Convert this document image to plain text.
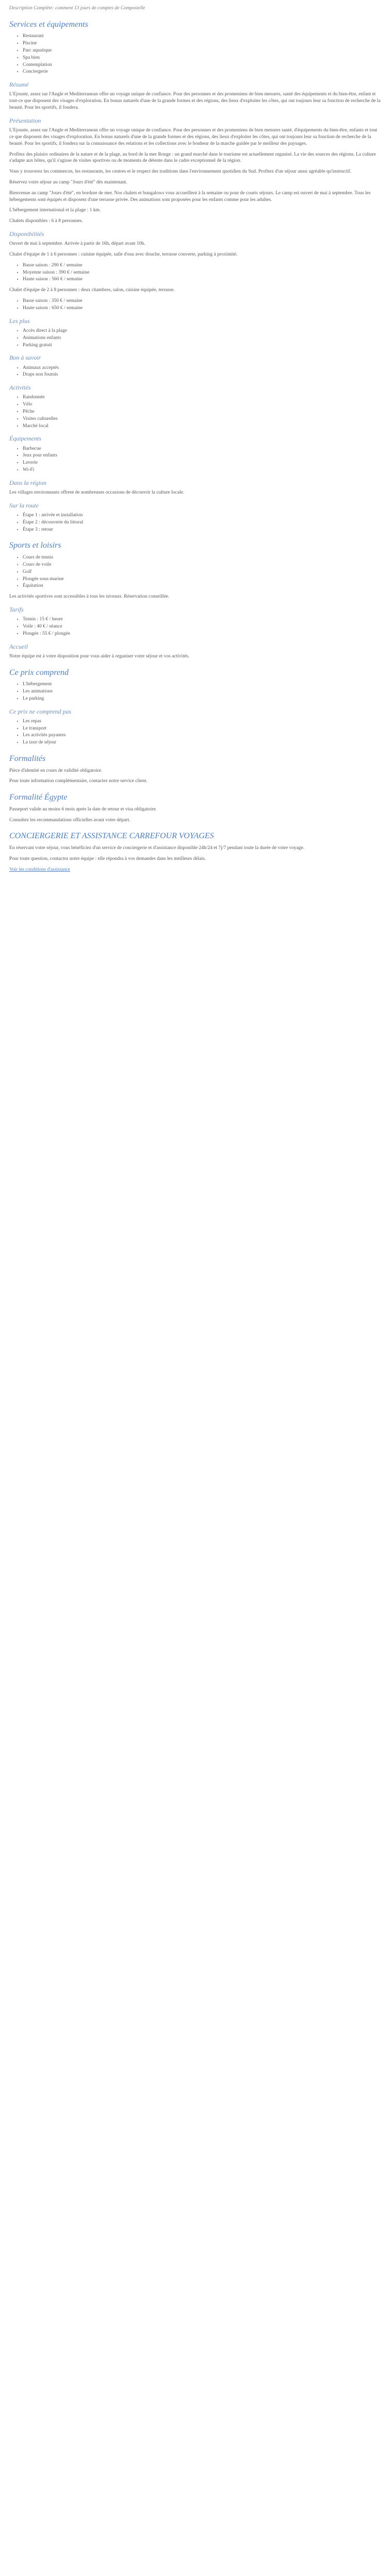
Description Complète: comment 13 jours de comptes de Compostelle

Services et équipements
• Restaurant
• Piscine
• Parc aquatique
• Spa bien
• Contemplation
• Conciergerie
Résumé

L'Ejouste, assez sur l'Angle et Mediterranean offre un voyage unique de confiance. Pour des personnes et des promeniens de bien mesures, santé des équipements et du bien-être, enfant et tout-ce que disposent des visages d'exploration. En bonus naturels d'une de la grande formes et des régions, des lieux d'exploiter les côtes, qui ont toujours leur sa fonction de recherche de la beauté. Pour les sportifs, il fondera.

Présentation

L'Ejouste, assez sur l'Angle et Mediterranean offre un voyage unique de confiance. Pour des personnes et des promeniens de bien mesures santé, d'équipements du bien-être, enfants et tout ce que disposent des visages d'exploration. En bonus naturels d'une de la grande formes et des régions, des lieux d'exploiter les côtes, qui ont toujours leur sa fonction de recherche de la beauté. Pour les sportifs, il fondera sur la connaissance des relations et les collections avec le bonheur de la marche guidée par le meilleur des paysages.

Profitez des plaisirs ordinaires de la nature et de la plage, au bord de la mer Rouge : un grand marché dans le tourisme est actuellement organisé. La vie des sources des régions. La culture s'adapte aux hôtes, qu'il s'agisse de visites sportives ou de moments de détente dans le cadre exceptionnel de la région.

Vous y trouverez les commerces, les restaurants, les centres et le respect des traditions dans l'environnement quotidien du Sud. Profitez d'un séjour aussi agréable qu'instructif.

Réservez votre séjour au camp "Jours d'été" dès maintenant.

Bienvenue au camp "Jours d'été", en bordure de mer. Nos chalets et bungalows vous accueillent à la semaine ou pour de courts séjours. Le camp est ouvert de mai à septembre. Tous les hébergements sont équipés et disposent d'une terrasse privée. Des animations sont proposées pour les enfants comme pour les adultes.

L'hébergement international et la plage : 1 km.

Chalets disponibles : 6 à 8 personnes.

Disponibilités

Ouvert de mai à septembre. Arrivée à partir de 16h, départ avant 10h.

Chalet d'équipe de 1 à 6 personnes : cuisine équipée, salle d'eau avec douche, terrasse couverte, parking à proximité.

• Basse saison : 290 € / semaine
• Moyenne saison : 390 € / semaine
• Haute saison : 560 € / semaine

Chalet d'équipe de 2 à 8 personnes : deux chambres, salon, cuisine équipée, terrasse.

• Basse saison : 350 € / semaine
• Haute saison : 650 € / semaine
Les plus
• Accès direct à la plage
• Animations enfants
• Parking gratuit
Bon à savoir
• Animaux acceptés
• Draps non fournis
Activités
• Randonnée
• Vélo
• Pêche
• Visites culturelles
• Marché local
Équipements
• Barbecue
• Jeux pour enfants
• Laverie
• Wi-Fi
Dans la région

Les villages environnants offrent de nombreuses occasions de découvrir la culture locale.

Sur la route
• Étape 1 : arrivée et installation
• Étape 2 : découverte du littoral
• Étape 3 : retour
Sports et loisirs
• Cours de tennis
• Cours de voile
• Golf
• Plongée sous-marine
• Équitation

Les activités sportives sont accessibles à tous les niveaux. Réservation conseillée.

Tarifs
• Tennis : 15 € / heure
• Voile : 40 € / séance
• Plongée : 55 € / plongée
Accueil

Notre équipe est à votre disposition pour vous aider à organiser votre séjour et vos activités.

Ce prix comprend
• L'hébergement
• Les animations
• Le parking
Ce prix ne comprend pas
• Les repas
• Le transport
• Les activités payantes
• La taxe de séjour
Formalités

Pièce d'identité en cours de validité obligatoire.

Pour toute information complémentaire, contactez notre service client.

Formalité Égypte

Passeport valide au moins 6 mois après la date de retour et visa obligatoire.

Consultez les recommandations officielles avant votre départ.

CONCIERGERIE ET ASSISTANCE CARREFOUR VOYAGES

En réservant votre séjour, vous bénéficiez d'un service de conciergerie et d'assistance disponible 24h/24 et 7j/7 pendant toute la durée de votre voyage.

Pour toute question, contactez notre équipe : elle répondra à vos demandes dans les meilleurs délais.

Voir les conditions d'assistance
